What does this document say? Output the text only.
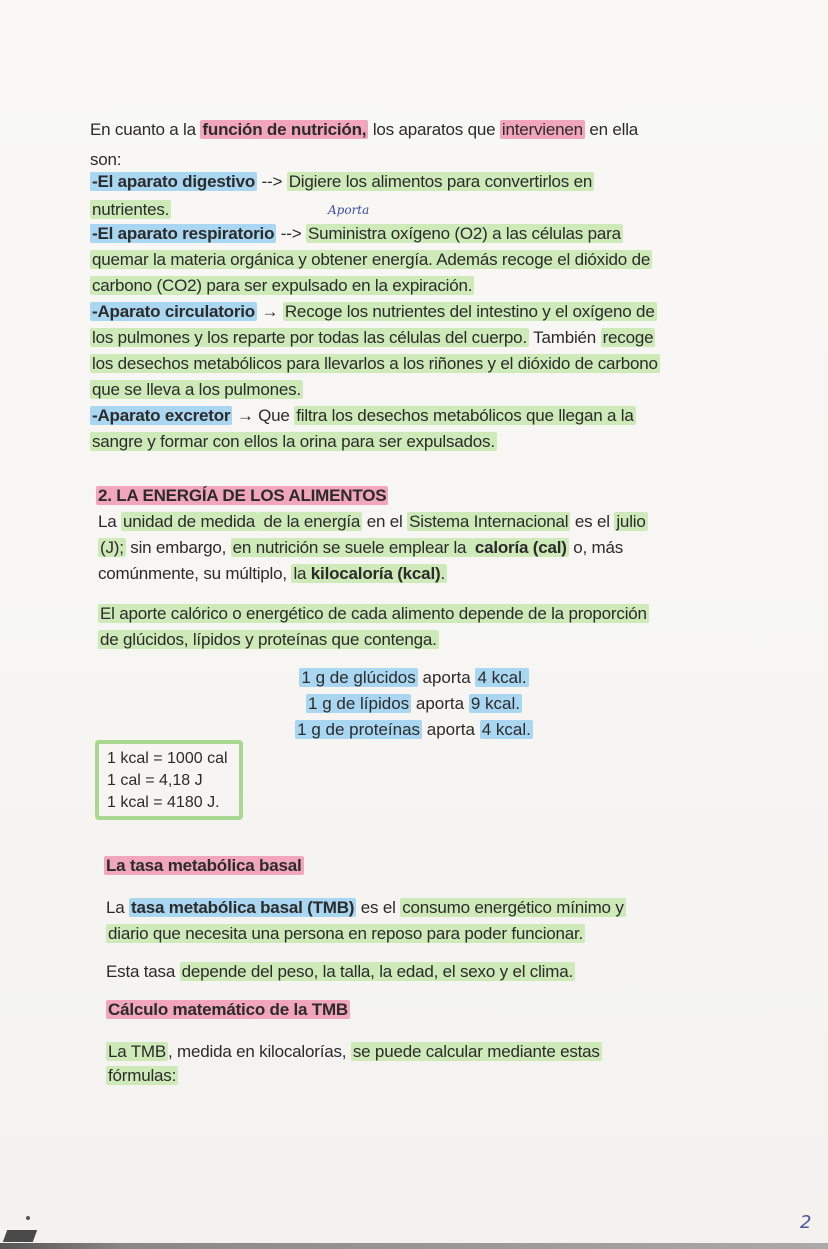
En cuanto a la función de nutrición, los aparatos que intervienen en ella
son:
-El aparato digestivo --> Digiere los alimentos para convertirlos en
nutrientes.	Aporta
-El aparato respiratorio --> Suministra oxígeno (O2) a las células para
quemar la materia orgánica y obtener energía. Además recoge el dióxido de
carbono (CO2) para ser expulsado en la expiración.
-Aparato circulatorio → Recoge los nutrientes del intestino y el oxígeno de
los pulmones y los reparte por todas las células del cuerpo. También recoge
los desechos metabólicos para llevarlos a los riñones y el dióxido de carbono
que se lleva a los pulmones.
-Aparato excretor → Que filtra los desechos metabólicos que llegan a la
sangre y formar con ellos la orina para ser expulsados.
2. LA ENERGÍA DE LOS ALIMENTOS
La unidad de medida de la energía en el Sistema Internacional es el julio
(J); sin embargo, en nutrición se suele emplear la caloría (cal) o, más
comúnmente, su múltiplo, la kilocaloría (kcal).
El aporte calórico o energético de cada alimento depende de la proporción
de glúcidos, lípidos y proteínas que contenga.
1 g de glúcidos aporta 4 kcal.
1 g de lípidos aporta 9 kcal.
1 g de proteínas aporta 4 kcal.
1 kcal = 1000 cal
1 cal = 4,18 J
1 kcal = 4180 J.
La tasa metabólica basal
La tasa metabólica basal (TMB) es el consumo energético mínimo y
diario que necesita una persona en reposo para poder funcionar.
Esta tasa depende del peso, la talla, la edad, el sexo y el clima.
Cálculo matemático de la TMB
La TMB , medida en kilocalorías, se puede calcular mediante estas
fórmulas:
2
